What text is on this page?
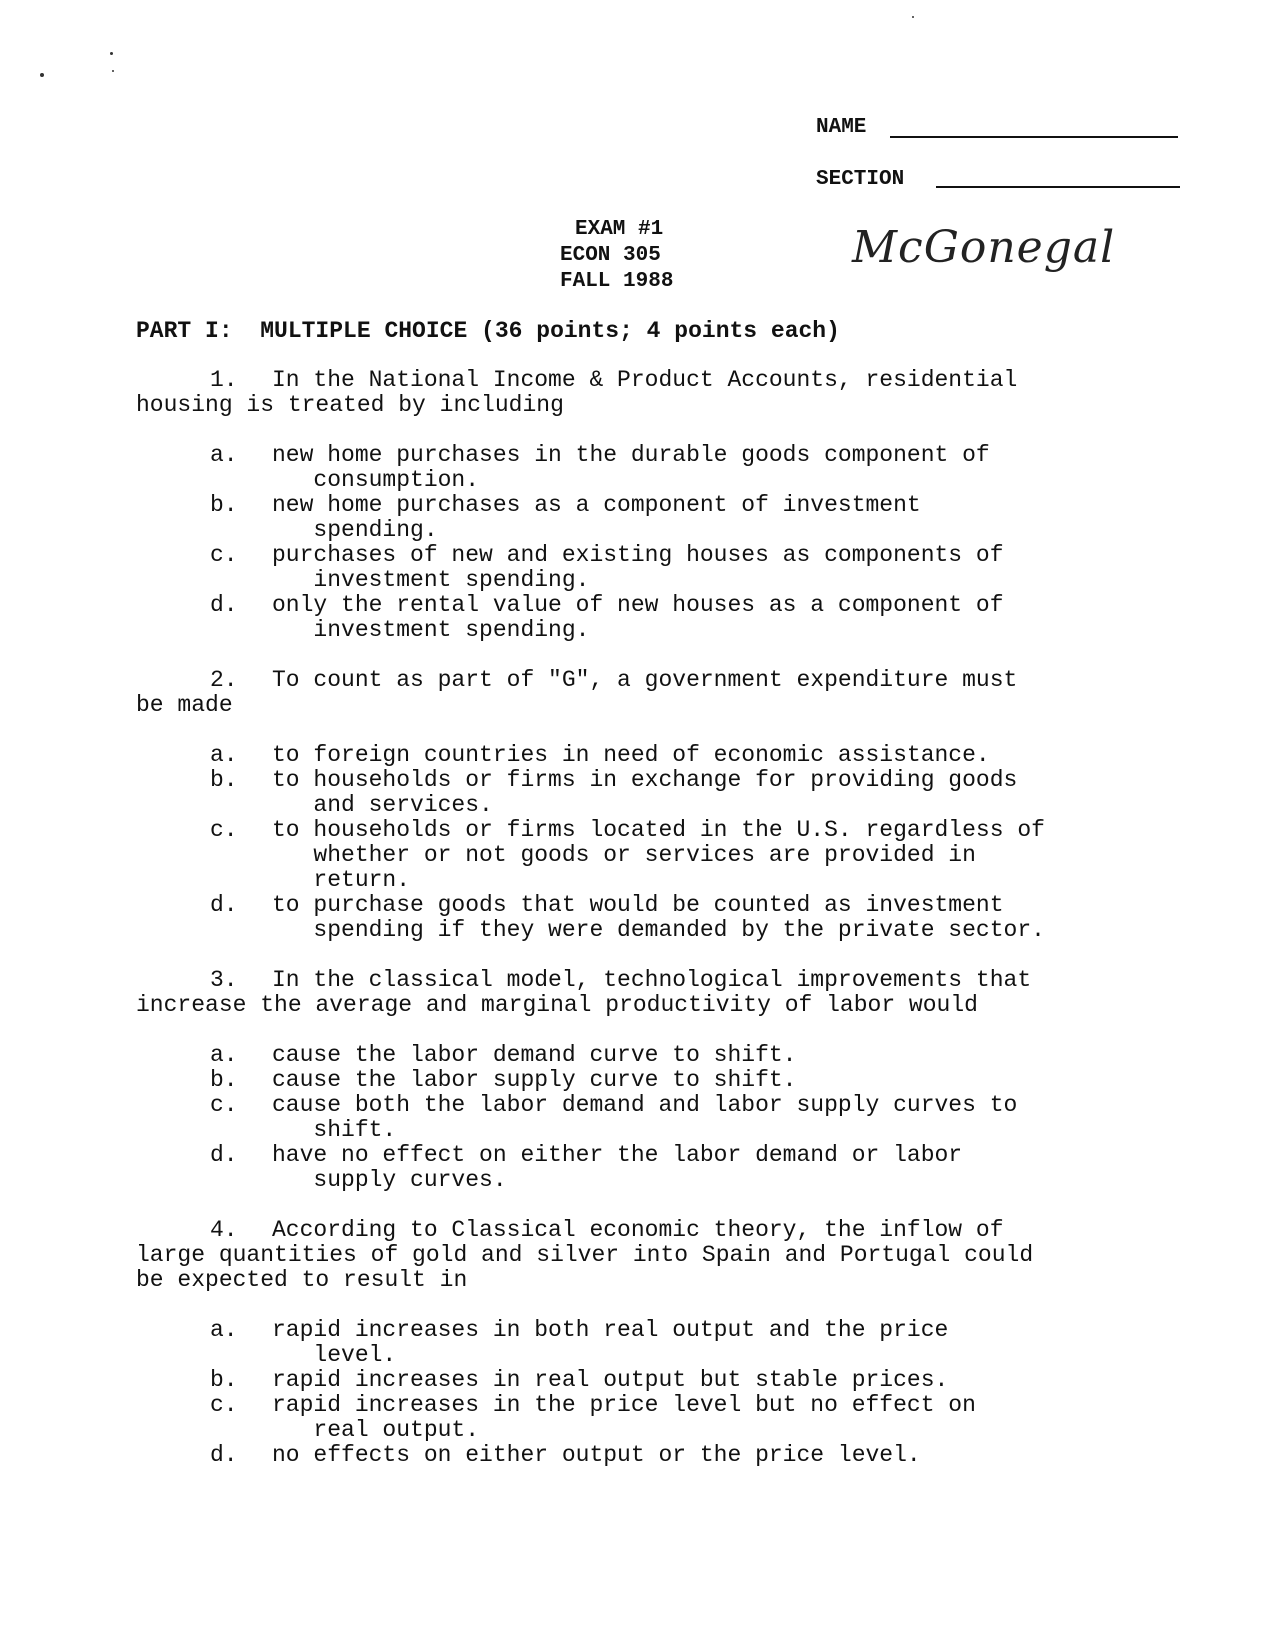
NAME
SECTION
EXAM #1
ECON 305
FALL 1988
McGonegal
PART I:  MULTIPLE CHOICE (36 points; 4 points each)
1. In the National Income & Product Accounts, residential
housing is treated by including
a. new home purchases in the durable goods component of
consumption.
b. new home purchases as a component of investment
spending.
c. purchases of new and existing houses as components of
investment spending.
d. only the rental value of new houses as a component of
investment spending.
2. To count as part of "G", a government expenditure must
be made
a. to foreign countries in need of economic assistance.
b. to households or firms in exchange for providing goods
and services.
c. to households or firms located in the U.S. regardless of
whether or not goods or services are provided in
return.
d. to purchase goods that would be counted as investment
spending if they were demanded by the private sector.
3. In the classical model, technological improvements that
increase the average and marginal productivity of labor would
a. cause the labor demand curve to shift.
b. cause the labor supply curve to shift.
c. cause both the labor demand and labor supply curves to
shift.
d. have no effect on either the labor demand or labor
supply curves.
4. According to Classical economic theory, the inflow of
large quantities of gold and silver into Spain and Portugal could
be expected to result in
a. rapid increases in both real output and the price
level.
b. rapid increases in real output but stable prices.
c. rapid increases in the price level but no effect on
real output.
d. no effects on either output or the price level.
